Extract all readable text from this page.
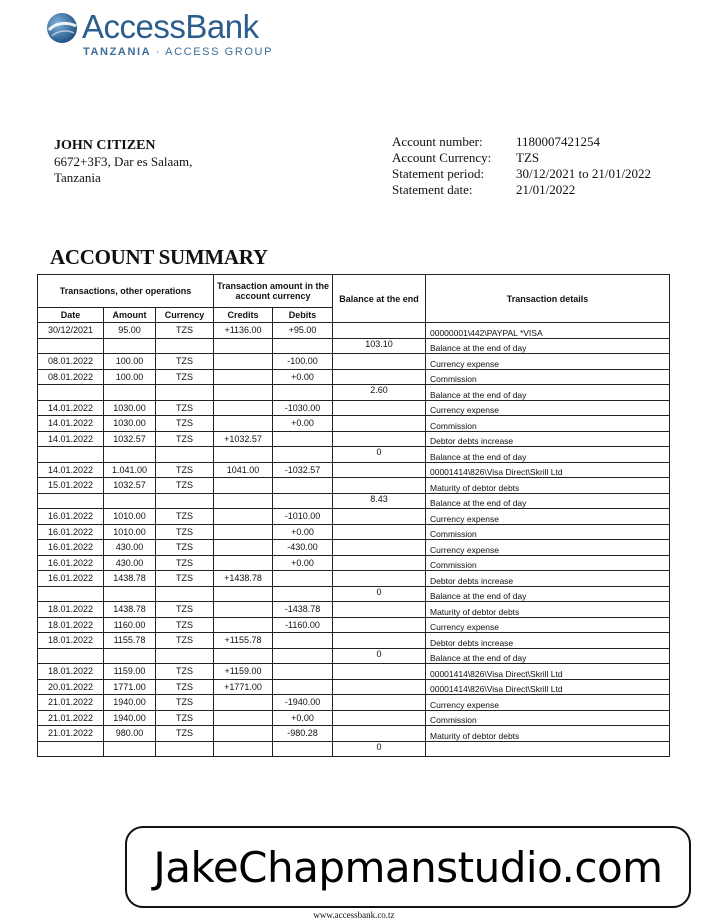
AccessBank
TANZANIA · ACCESS GROUP
JOHN CITIZEN
6672+3F3, Dar es Salaam,
Tanzania
Account number:	1180007421254
Account Currency:	TZS
Statement period:	30/12/2021 to 21/01/2022
Statement date:	21/01/2022
ACCOUNT SUMMARY
Transactions, other operations			Transaction amount in the account currency		Balance at the end	Transaction details
Date	Amount	Currency	Credits	Debits		
30/12/2021	95.00	TZS	+1136.00	+95.00		00000001\442\PAYPAL *VISA
					103.10	Balance at the end of day
08.01.2022	100.00	TZS		-100.00		Currency expense
08.01.2022	100.00	TZS		+0.00		Commission
					2.60	Balance at the end of day
14.01.2022	1030.00	TZS		-1030.00		Currency expense
14.01.2022	1030.00	TZS		+0.00		Commission
14.01.2022	1032.57	TZS	+1032.57			Debtor debts increase
					0	Balance at the end of day
14.01.2022	1.041.00	TZS	1041.00	-1032.57		00001414\826\Visa Direct\Skrill Ltd
15.01.2022	1032.57	TZS				Maturity of debtor debts
					8.43	Balance at the end of day
16.01.2022	1010.00	TZS		-1010.00		Currency expense
16.01.2022	1010.00	TZS		+0.00		Commission
16.01.2022	430.00	TZS		-430.00		Currency expense
16.01.2022	430.00	TZS		+0.00		Commission
16.01.2022	1438.78	TZS	+1438.78			Debtor debts increase
					0	Balance at the end of day
18.01.2022	1438.78	TZS		-1438.78		Maturity of debtor debts
18.01.2022	1160.00	TZS		-1160.00		Currency expense
18.01.2022	1155.78	TZS	+1155.78			Debtor debts increase
					0	Balance at the end of day
18.01.2022	1159.00	TZS	+1159.00			00001414\826\Visa Direct\Skrill Ltd
20.01.2022	1771.00	TZS	+1771.00			00001414\826\Visa Direct\Skrill Ltd
21.01.2022	1940.00	TZS		-1940.00		Currency expense
21.01.2022	1940.00	TZS		+0.00		Commission
21.01.2022	980.00	TZS		-980.28		Maturity of debtor debts
					0	
JakeChapmanstudio.com
www.accessbank.co.tz
